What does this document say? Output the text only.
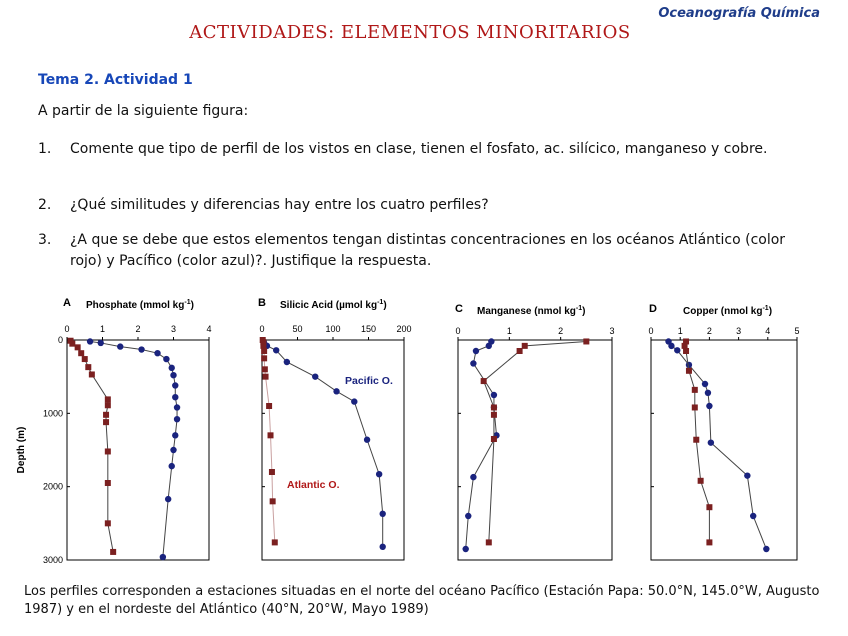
Oceanografía Química
ACTIVIDADES: ELEMENTOS MINORITARIOS
Tema 2. Actividad 1
A partir de la siguiente figura:
1. Comente que tipo de perfil de los vistos en clase, tienen el fosfato, ac. silícico, manganeso y cobre.
2. ¿Qué similitudes y diferencias hay entre los cuatro perfiles?
3. ¿A que se debe que estos elementos tengan distintas concentraciones en los océanos Atlántico (color rojo) y Pacífico (color azul)?. Justifique la respuesta.
A Phosphate (mmol $kg^{-1}$)
0	1	2	3	4
0
1000
2000
3000
B Silicic Acid (µmol $kg^{-1}$)
0	50	100 150 200
Pacific O.
Atlantic O.
C Manganese (nmol $kg^{-1}$)
0	1	2	3
D	Copper (nmol $kg^{-1}$)
0	1	2	3	4	5
Depth (m)
Los perfiles corresponden a estaciones situadas en el norte del océano Pacífico (Estación Papa: 50.0°N, 145.0°W, Augusto 1987) y en el nordeste del Atlántico (40°N, 20°W, Mayo 1989)
